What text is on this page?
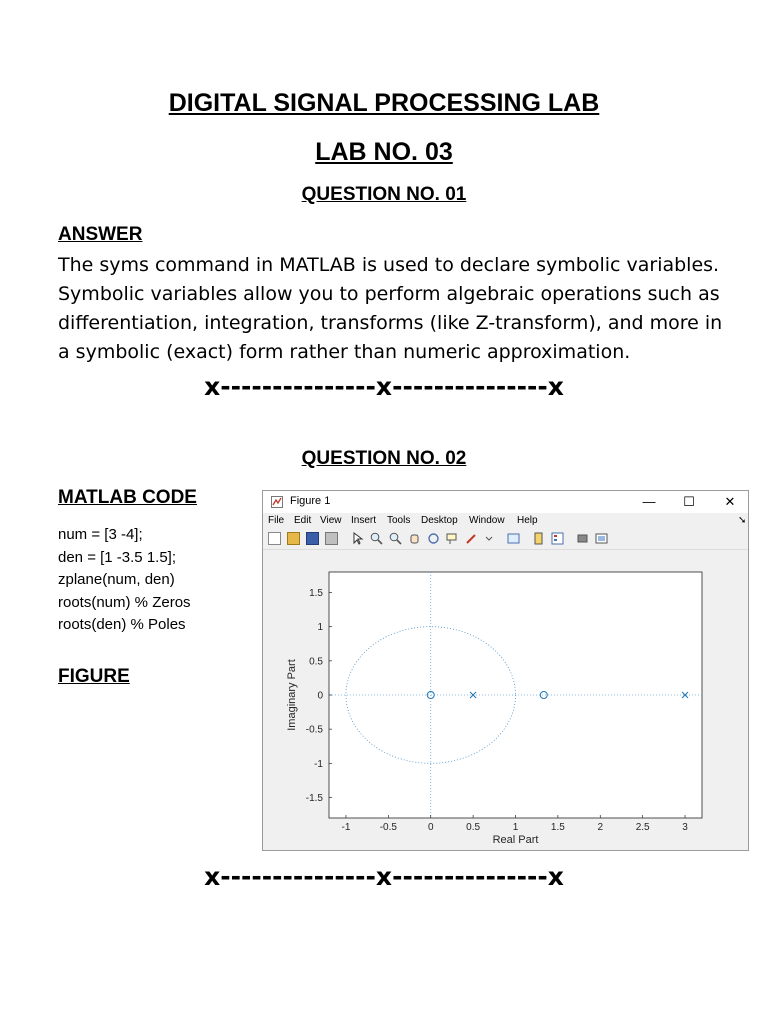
DIGITAL SIGNAL PROCESSING LAB
LAB NO. 03
QUESTION NO. 01
ANSWER
The syms command in MATLAB is used to declare symbolic variables.
Symbolic variables allow you to perform algebraic operations such as
differentiation, integration, transforms (like Z-transform), and more in
a symbolic (exact) form rather than numeric approximation.
x---------------x---------------x
QUESTION NO. 02
MATLAB CODE
num = [3 -4];
den = [1 -3.5 1.5];
zplane(num, den)
roots(num) % Zeros
roots(den) % Poles
FIGURE
Figure 1	—	☐	✕
File Edit View Insert Tools Desktop Window Help	➘
-1	-0.5	0	0.5	1	1.5	2	2.5	3
1.5
1
0.5
0
-0.5
-1
-1.5
Real Part
Imaginary Part
x---------------x---------------x
